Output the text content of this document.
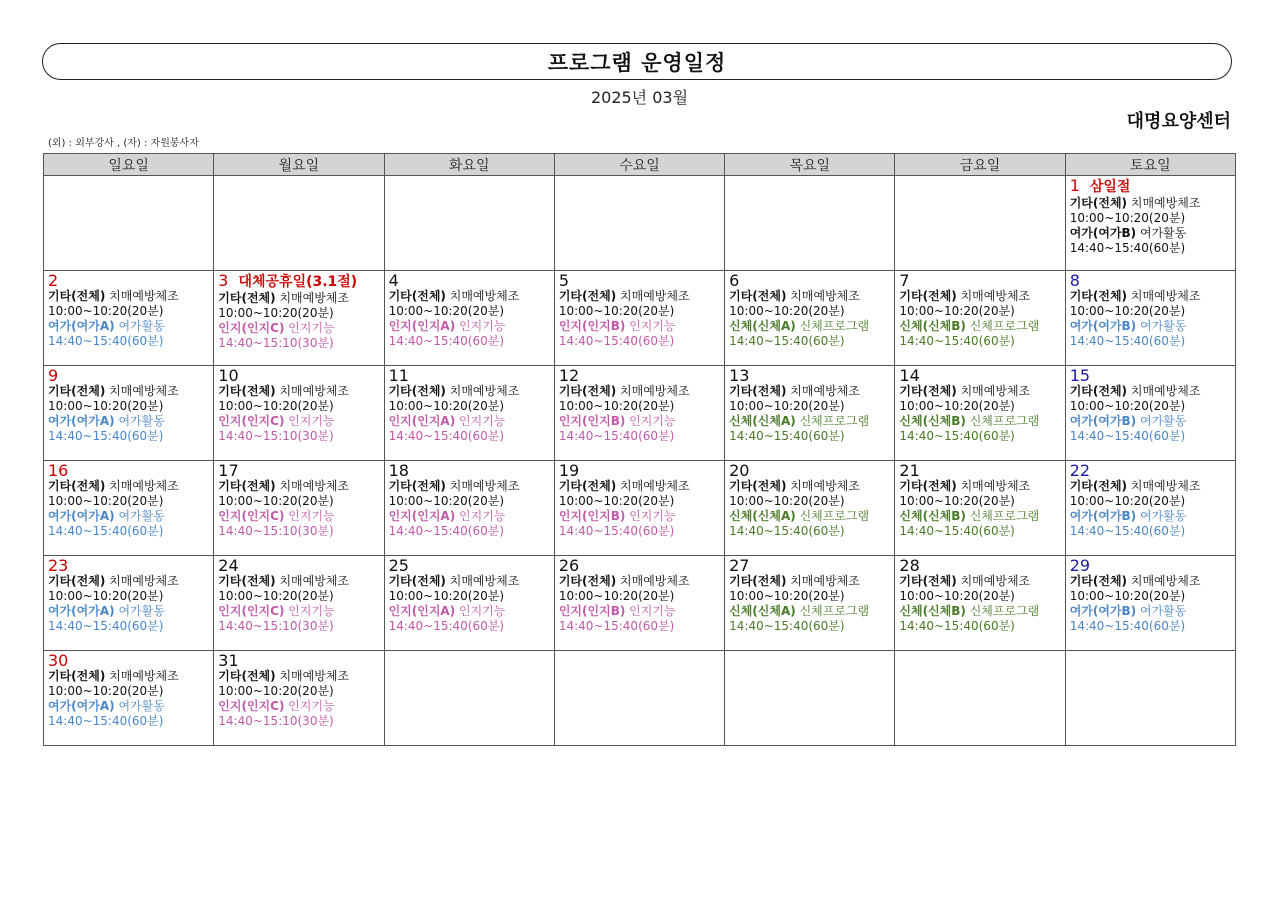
프로그램 운영일정
2025년 03월
대명요양센터
(외) : 외부강사 , (자) : 자원봉사자
일요일	월요일	화요일	수요일	목요일	금요일	토요일

						1 삼일절
기타(전체) 치매예방체조
10:00~10:20(20분)
여가(여가B) 여가활동
14:40~15:40(60분)

2
기타(전체) 치매예방체조
10:00~10:20(20분)
여가(여가A) 여가활동
14:40~15:40(60분)	3 대체공휴일(3.1절)
기타(전체) 치매예방체조
10:00~10:20(20분)
인지(인지C) 인지기능
14:40~15:10(30분)	4
기타(전체) 치매예방체조
10:00~10:20(20분)
인지(인지A) 인지기능
14:40~15:40(60분)	5
기타(전체) 치매예방체조
10:00~10:20(20분)
인지(인지B) 인지기능
14:40~15:40(60분)	6
기타(전체) 치매예방체조
10:00~10:20(20분)
신체(신체A) 신체프로그램
14:40~15:40(60분)	7
기타(전체) 치매예방체조
10:00~10:20(20분)
신체(신체B) 신체프로그램
14:40~15:40(60분)	8
기타(전체) 치매예방체조
10:00~10:20(20분)
여가(여가B) 여가활동
14:40~15:40(60분)

9
기타(전체) 치매예방체조
10:00~10:20(20분)
여가(여가A) 여가활동
14:40~15:40(60분)	10
기타(전체) 치매예방체조
10:00~10:20(20분)
인지(인지C) 인지기능
14:40~15:10(30분)	11
기타(전체) 치매예방체조
10:00~10:20(20분)
인지(인지A) 인지기능
14:40~15:40(60분)	12
기타(전체) 치매예방체조
10:00~10:20(20분)
인지(인지B) 인지기능
14:40~15:40(60분)	13
기타(전체) 치매예방체조
10:00~10:20(20분)
신체(신체A) 신체프로그램
14:40~15:40(60분)	14
기타(전체) 치매예방체조
10:00~10:20(20분)
신체(신체B) 신체프로그램
14:40~15:40(60분)	15
기타(전체) 치매예방체조
10:00~10:20(20분)
여가(여가B) 여가활동
14:40~15:40(60분)

16
기타(전체) 치매예방체조
10:00~10:20(20분)
여가(여가A) 여가활동
14:40~15:40(60분)	17
기타(전체) 치매예방체조
10:00~10:20(20분)
인지(인지C) 인지기능
14:40~15:10(30분)	18
기타(전체) 치매예방체조
10:00~10:20(20분)
인지(인지A) 인지기능
14:40~15:40(60분)	19
기타(전체) 치매예방체조
10:00~10:20(20분)
인지(인지B) 인지기능
14:40~15:40(60분)	20
기타(전체) 치매예방체조
10:00~10:20(20분)
신체(신체A) 신체프로그램
14:40~15:40(60분)	21
기타(전체) 치매예방체조
10:00~10:20(20분)
신체(신체B) 신체프로그램
14:40~15:40(60분)	22
기타(전체) 치매예방체조
10:00~10:20(20분)
여가(여가B) 여가활동
14:40~15:40(60분)

23
기타(전체) 치매예방체조
10:00~10:20(20분)
여가(여가A) 여가활동
14:40~15:40(60분)	24
기타(전체) 치매예방체조
10:00~10:20(20분)
인지(인지C) 인지기능
14:40~15:10(30분)	25
기타(전체) 치매예방체조
10:00~10:20(20분)
인지(인지A) 인지기능
14:40~15:40(60분)	26
기타(전체) 치매예방체조
10:00~10:20(20분)
인지(인지B) 인지기능
14:40~15:40(60분)	27
기타(전체) 치매예방체조
10:00~10:20(20분)
신체(신체A) 신체프로그램
14:40~15:40(60분)	28
기타(전체) 치매예방체조
10:00~10:20(20분)
신체(신체B) 신체프로그램
14:40~15:40(60분)	29
기타(전체) 치매예방체조
10:00~10:20(20분)
여가(여가B) 여가활동
14:40~15:40(60분)

30
기타(전체) 치매예방체조
10:00~10:20(20분)
여가(여가A) 여가활동
14:40~15:40(60분)	31
기타(전체) 치매예방체조
10:00~10:20(20분)
인지(인지C) 인지기능
14:40~15:10(30분)					
